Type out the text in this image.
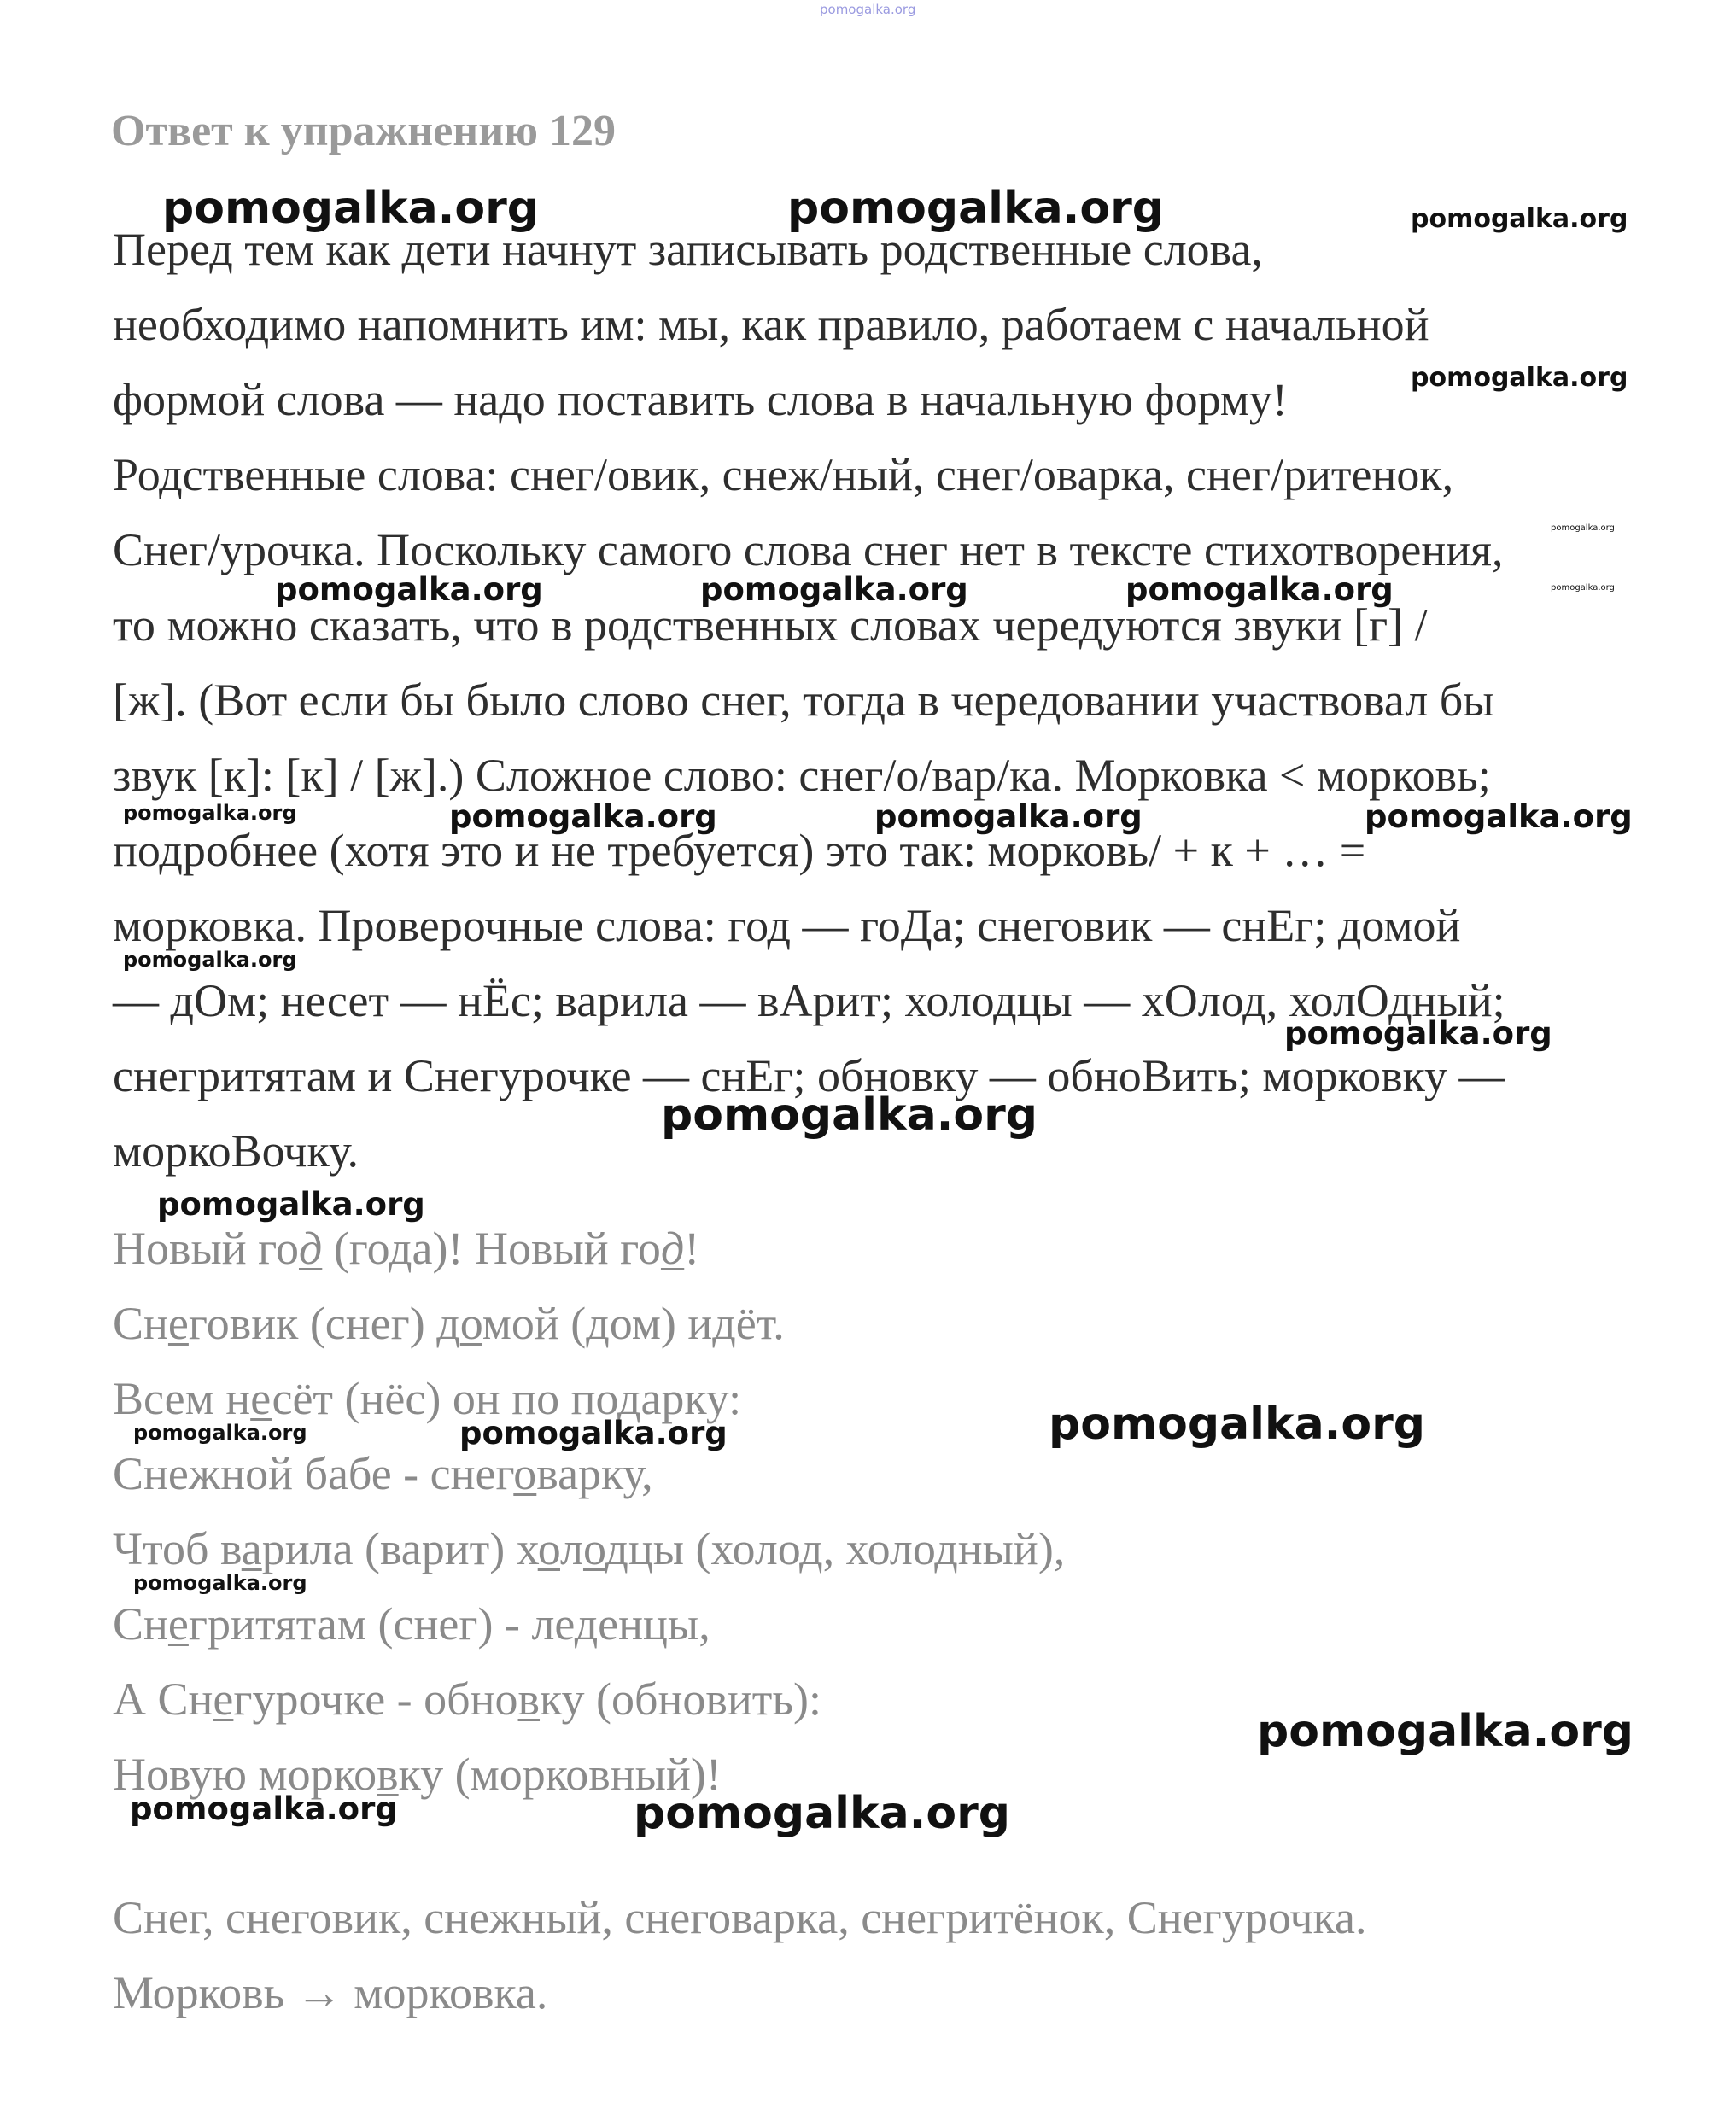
pomogalka.org
Ответ к упражнению 129
Перед тем как дети начнут записывать родственные слова,
необходимо напомнить им: мы, как правило, работаем с начальной
формой слова — надо поставить слова в начальную форму!
Родственные слова: снег/овик, снеж/ный, снег/оварка, снег/ритенок,
Снег/урочка. Поскольку самого слова снег нет в тексте стихотворения,
то можно сказать, что в родственных словах чередуются звуки [г] /
[ж]. (Вот если бы было слово снег, тогда в чередовании участвовал бы
звук [к]: [к] / [ж].) Сложное слово: снег/о/вар/ка. Морковка < морковь;
подробнее (хотя это и не требуется) это так: морковь/ + к + … =
морковка. Проверочные слова: год — гоДа; снеговик — снЕг; домой
— дОм; несет — нЁс; варила — вАрит; холодцы — хОлод, холОдный;
снегритятам и Снегурочке — снЕг; обновку — обноВить; морковку —
моркоВочку.
Новый год (года)! Новый год!
Снеговик (снег) домой (дом) идёт.
Всем несёт (нёс) он по подарку:
Снежной бабе - снеговарку,
Чтоб варила (варит) холодцы (холод, холодный),
Снегритятам (снег) - леденцы,
А Снегурочке - обновку (обновить):
Новую морковку (морковный)!
Снег, снеговик, снежный, снеговарка, снегритёнок, Снегурочка.
Морковь → морковка.
pomogalka.org	pomogalka.org	pomogalka.org
pomogalka.org
pomogalka.org
pomogalka.org	pomogalka.org	pomogalka.org	pomogalka.org
pomogalka.org	pomogalka.org	pomogalka.org	pomogalka.org
pomogalka.org
pomogalka.org
pomogalka.org
pomogalka.org
pomogalka.org
pomogalka.org	pomogalka.org
pomogalka.org
pomogalka.org
pomogalka.org	pomogalka.org
